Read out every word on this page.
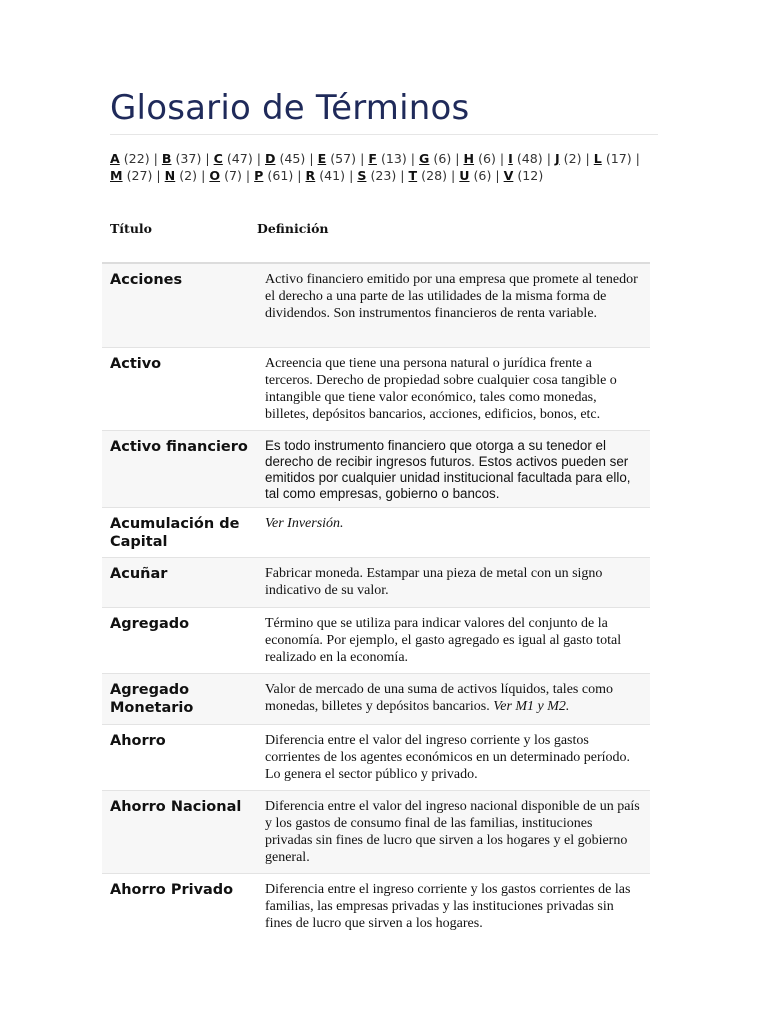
Glosario de Términos
A (22) | B (37) | C (47) | D (45) | E (57) | F (13) | G (6) | H (6) | I (48) | J (2) | L (17) | M (27) | N (2) | O (7) | P (61) | R (41) | S (23) | T (28) | U (6) | V (12)
Título	Definición
Acciones	Activo financiero emitido por una empresa que promete al tenedor el derecho a una parte de las utilidades de la misma forma de dividendos. Son instrumentos financieros de renta variable.
Activo	Acreencia que tiene una persona natural o jurídica frente a terceros. Derecho de propiedad sobre cualquier cosa tangible o intangible que tiene valor económico, tales como monedas, billetes, depósitos bancarios, acciones, edificios, bonos, etc.
Activo financiero	Es todo instrumento financiero que otorga a su tenedor el derecho de recibir ingresos futuros. Estos activos pueden ser emitidos por cualquier unidad institucional facultada para ello, tal como empresas, gobierno o bancos.
Acumulación de Capital	Ver Inversión.
Acuñar	Fabricar moneda. Estampar una pieza de metal con un signo indicativo de su valor.
Agregado	Término que se utiliza para indicar valores del conjunto de la economía. Por ejemplo, el gasto agregado es igual al gasto total realizado en la economía.
Agregado Monetario	Valor de mercado de una suma de activos líquidos, tales como monedas, billetes y depósitos bancarios. Ver M1 y M2.
Ahorro	Diferencia entre el valor del ingreso corriente y los gastos corrientes de los agentes económicos en un determinado período. Lo genera el sector público y privado.
Ahorro Nacional	Diferencia entre el valor del ingreso nacional disponible de un país y los gastos de consumo final de las familias, instituciones privadas sin fines de lucro que sirven a los hogares y el gobierno general.
Ahorro Privado	Diferencia entre el ingreso corriente y los gastos corrientes de las familias, las empresas privadas y las instituciones privadas sin fines de lucro que sirven a los hogares.
